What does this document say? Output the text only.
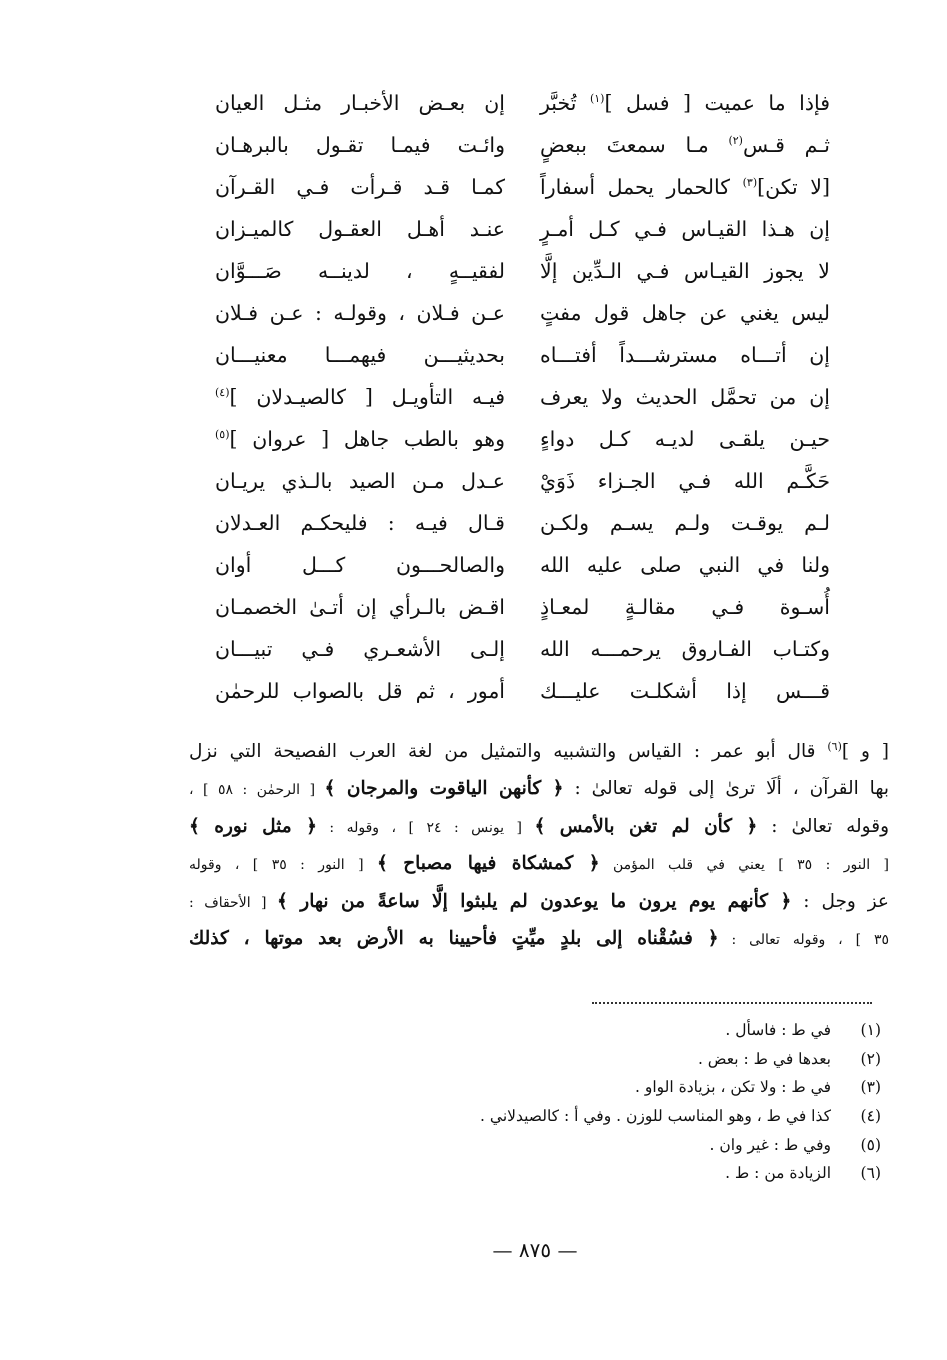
فإذا ما عميت [ فسل ]$^{(١)}$ تُخبَّر
إن بعـض الأخبـار مثـل العيان
ثـم قـس$^{(٢)}$ مـا سمعتَ ببعضٍ
وائـت فيمـا تقـول بالبرهـان
[لا تكن]$^{(٣)}$ كالحمار يحمل أسفاراً
كمـا قـد قـرأت فـي القـرآن
إن هـذا القيـاس فـي كـل أمـرٍ
عنـد أهـل العقـول كالميـزان
لا يجوز القيـاس فـي الـدِّين إلَّا
لفقيــهٍ ، لدينــه صَـــوَّان
ليس يغني عن جاهل قول مفتٍ
عـن فـلان ، وقولـه : عـن فـلان
إن أتـــاه مسترشـــداً أفتـــاه
بحديثيـــن فيهمـــا معنيـــان
إن من تحمَّل الحديث ولا يعرف
فيـه التأويـل [ كالصيـدلان ]$^{(٤)}$
حيـن يلقـى لديـه كـل دواءٍ
وهو بالطب جاهل [ عروان ]$^{(٥)}$
حَكَّـم الله فـي الجـزاء ذَوَيْ
عـدل مـن الصيد بالـذي يريـان
لـم يوقـت ولـم يسـم ولكـن
قـال فيـه : فليحكـم العـدلان
ولنا في النبي صلى عليه الله
والصالحـــون كـــل أوان
أُسـوة فـي مقالـةٍ لمعـاذٍ
اقـض بالـرأي إن أتـىٰ الخصمـان
وكتـاب الفـاروق يرحمـــه الله
إلـى الأشعـري فـي تبيـــان
قـــس إذا أشكلـت عليـــك
أمور ، ثم قل بالصواب للرحمٰن
[ و ]$^{(٦)}$ قال أبو عمر : القياس والتشبيه والتمثيل من لغة العرب الفصيحة التي نزل
بها القرآن ، ألَا ترىٰ إلى قوله تعالىٰ : ﴿ كأنهن الياقوت والمرجان ﴾ [ الرحمٰن : ٥٨ ] ،
وقوله تعالىٰ : ﴿ كأن لم تغن بالأمس ﴾ [ يونس : ٢٤ ] ، وقوله : ﴿ مثل نوره ﴾
[ النور : ٣٥ ] يعني في قلب المؤمن ﴿ كمشكاة فيها مصباح ﴾ [ النور : ٣٥ ] ، وقوله
عز وجل : ﴿ كأنهم يوم يرون ما يوعدون لم يلبثوا إلَّا ساعةً من نهار ﴾ [ الأحقاف :
٣٥ ] ، وقوله تعالى : ﴿ فسُقْناه إلى بلدٍ ميِّتٍ فأحيينا به الأرض بعد موتها ، كذلك
(١)في ط : فاسأل .
(٢)بعدها في ط : بعض .
(٣)في ط : ولا تكن ، بزيادة الواو .
(٤)كذا في ط ، وهو المناسب للوزن . وفي أ : كالصيدلاني .
(٥)وفي ط : غير وان .
(٦)الزيادة من : ط .
— ٨٧٥ —
